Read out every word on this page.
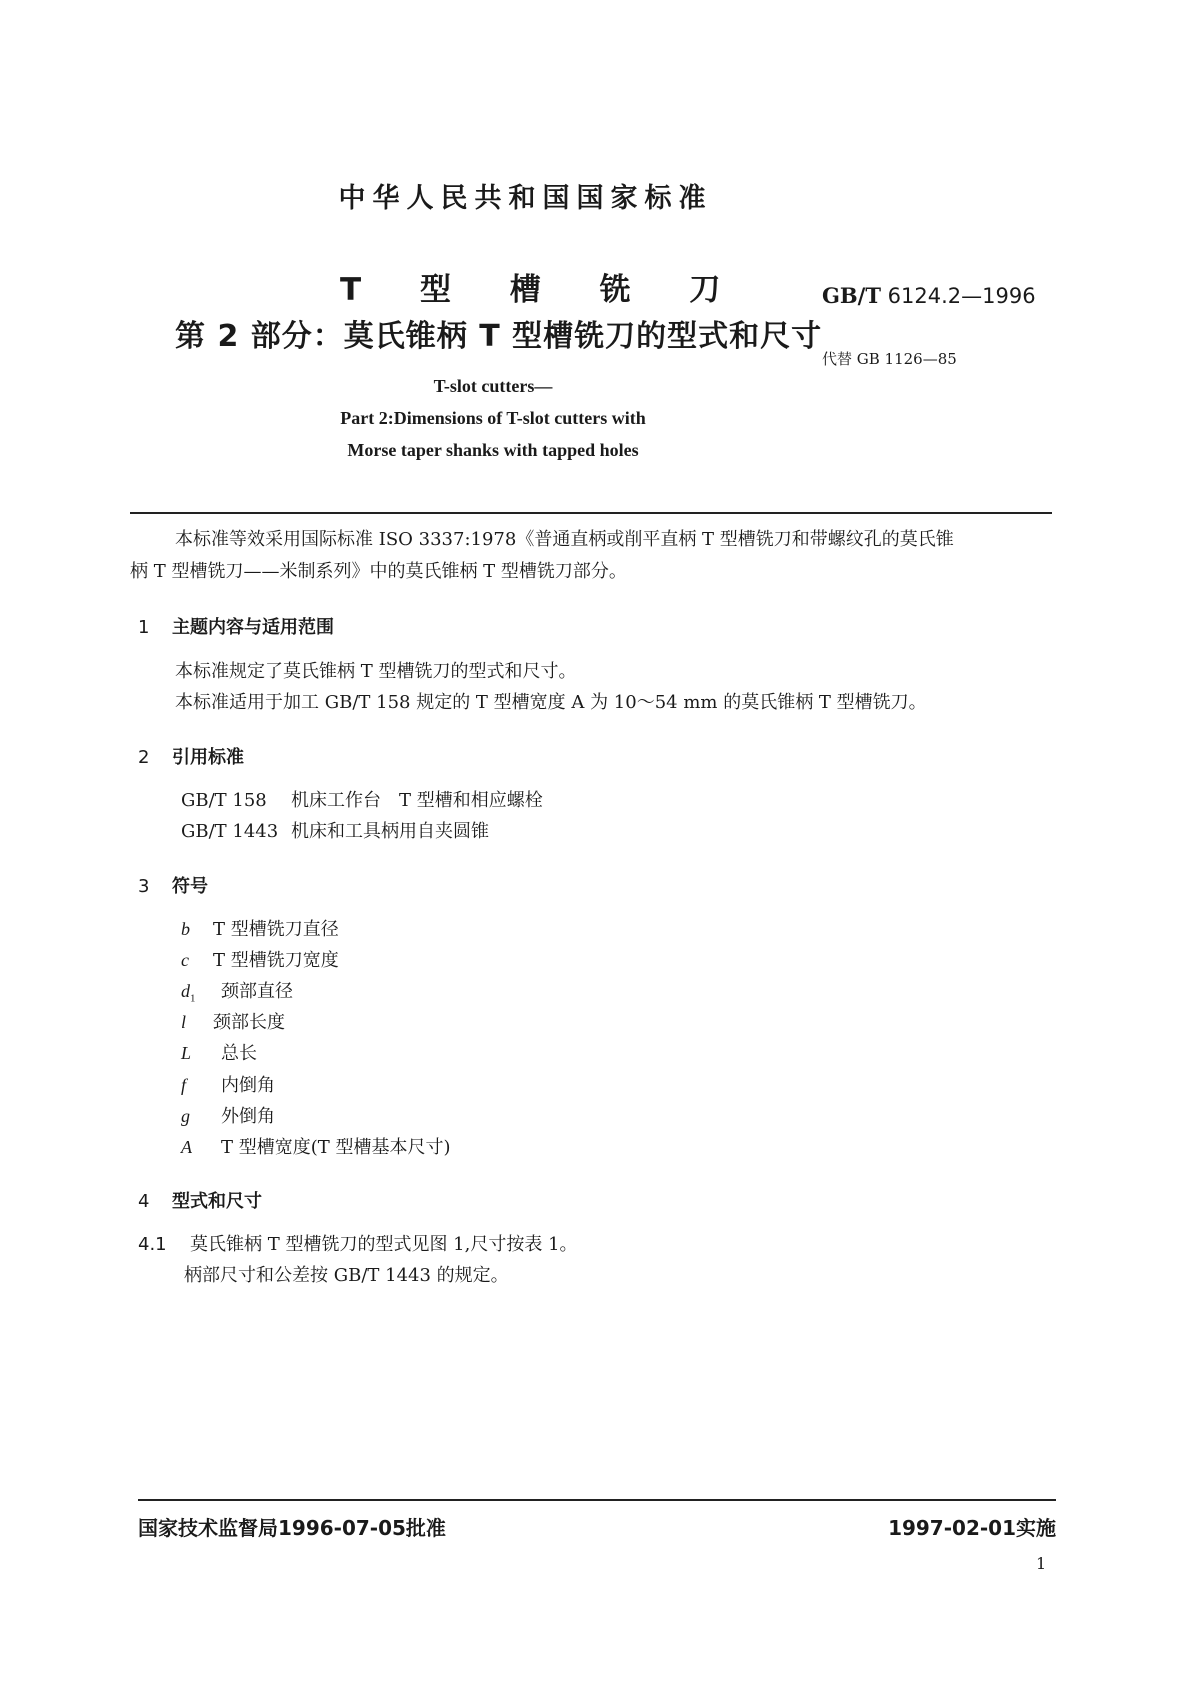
中华人民共和国国家标准
T 型 槽 铣 刀
第 2 部分：莫氏锥柄 T 型槽铣刀的型式和尺寸
GB/T 6124.2—1996
代替 GB 1126—85
T-slot cutters—
Part 2:Dimensions of T-slot cutters with
Morse taper shanks with tapped holes
本标准等效采用国际标准 ISO 3337:1978《普通直柄或削平直柄 T 型槽铣刀和带螺纹孔的莫氏锥
柄 T 型槽铣刀——米制系列》中的莫氏锥柄 T 型槽铣刀部分。
1 主题内容与适用范围
本标准规定了莫氏锥柄 T 型槽铣刀的型式和尺寸。
本标准适用于加工 GB/T 158 规定的 T 型槽宽度 A 为 10～54 mm 的莫氏锥柄 T 型槽铣刀。
2 引用标准
GB/T 158 机床工作台　T 型槽和相应螺栓
GB/T 1443 机床和工具柄用自夹圆锥
3 符号
b T 型槽铣刀直径
c T 型槽铣刀宽度
$d_1$ 颈部直径
l 颈部长度
L 总长
f 内倒角
g 外倒角
A T 型槽宽度(T 型槽基本尺寸)
4 型式和尺寸
4.1 莫氏锥柄 T 型槽铣刀的型式见图 1,尺寸按表 1。
柄部尺寸和公差按 GB/T 1443 的规定。
国家技术监督局1996-07-05批准	1997-02-01实施
1
